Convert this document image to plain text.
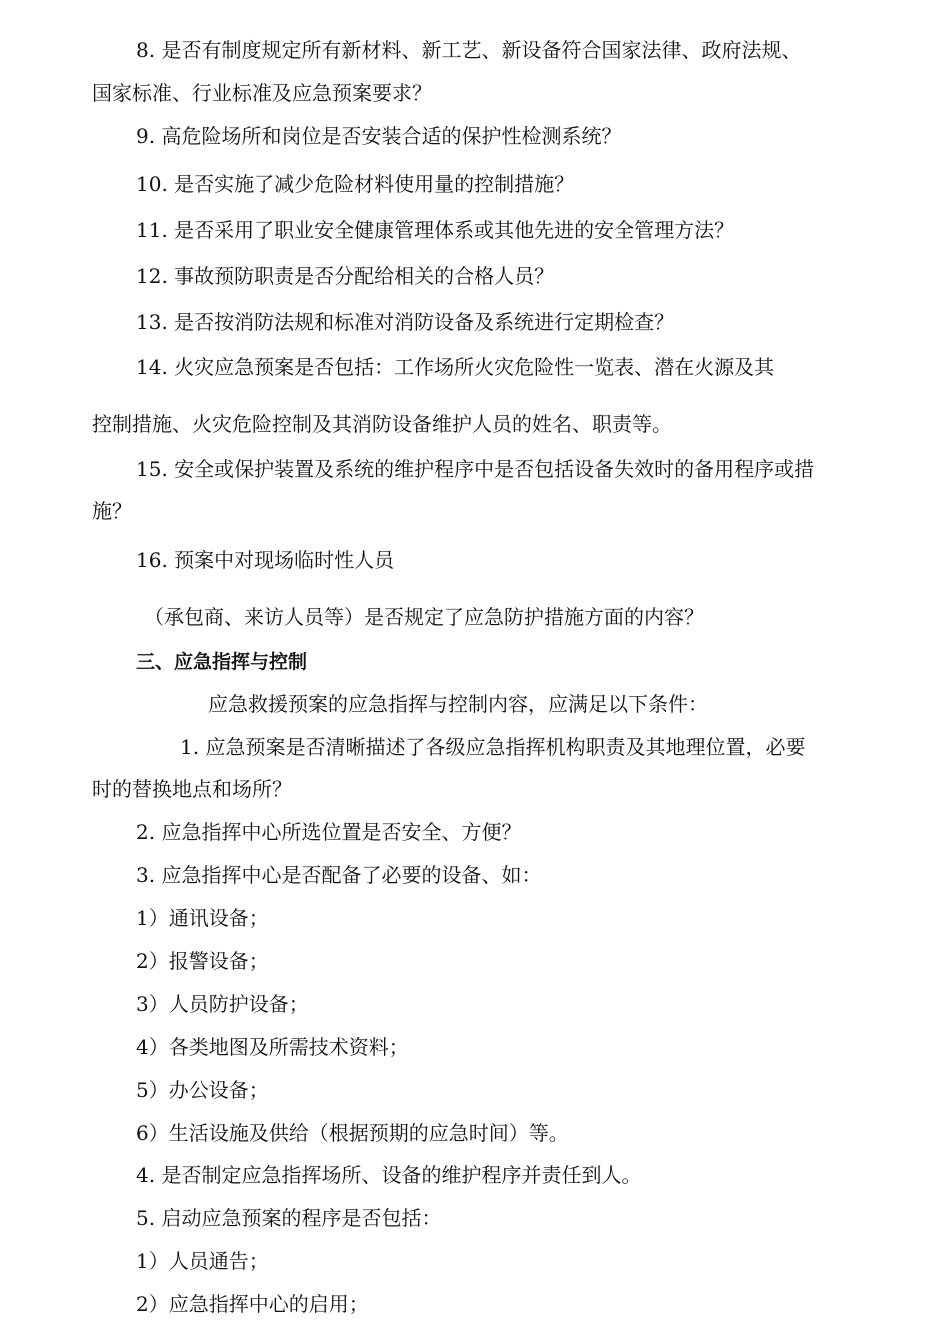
8. 是否有制度规定所有新材料、新工艺、新设备符合国家法律、政府法规、

国家标准、行业标准及应急预案要求？

9. 高危险场所和岗位是否安装合适的保护性检测系统？

10. 是否实施了减少危险材料使用量的控制措施？

11. 是否采用了职业安全健康管理体系或其他先进的安全管理方法？

12. 事故预防职责是否分配给相关的合格人员？

13. 是否按消防法规和标准对消防设备及系统进行定期检查？

14. 火灾应急预案是否包括：工作场所火灾危险性一览表、潜在火源及其

控制措施、火灾危险控制及其消防设备维护人员的姓名、职责等。

15. 安全或保护装置及系统的维护程序中是否包括设备失效时的备用程序或措

施？

16. 预案中对现场临时性人员

（承包商、来访人员等）是否规定了应急防护措施方面的内容？

三、应急指挥与控制

应急救援预案的应急指挥与控制内容，应满足以下条件：

1. 应急预案是否清晰描述了各级应急指挥机构职责及其地理位置，必要

时的替换地点和场所？

2. 应急指挥中心所选位置是否安全、方便？

3. 应急指挥中心是否配备了必要的设备、如：

1）通讯设备；

2）报警设备；

3）人员防护设备；

4）各类地图及所需技术资料；

5）办公设备；

6）生活设施及供给（根据预期的应急时间）等。

4. 是否制定应急指挥场所、设备的维护程序并责任到人。

5. 启动应急预案的程序是否包括：

1）人员通告；

2）应急指挥中心的启用；
